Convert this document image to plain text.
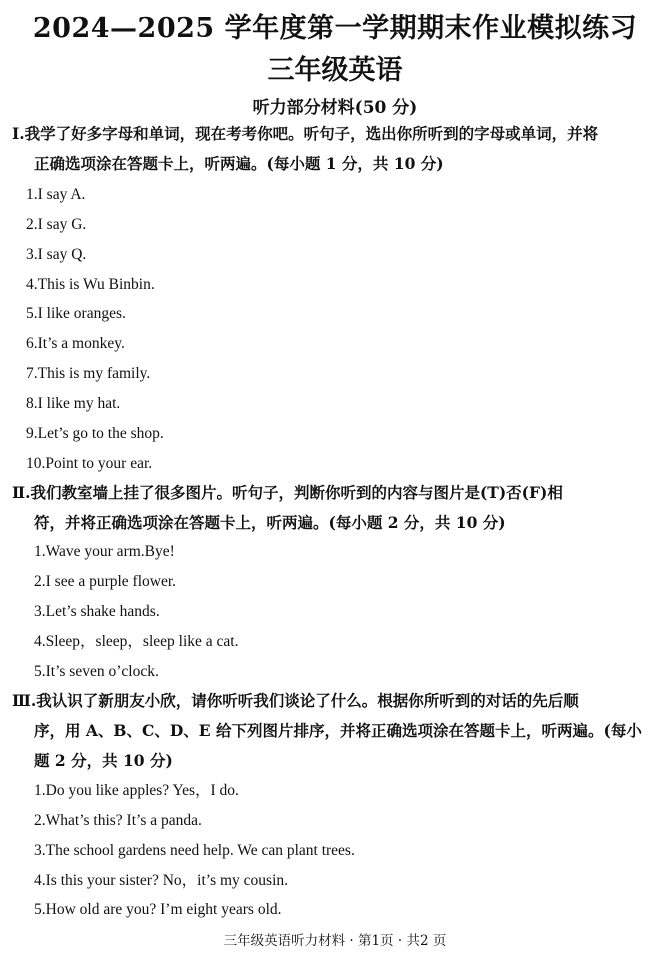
2024—2025 学年度第一学期期末作业模拟练习
三年级英语
听力部分材料(50 分)
Ⅰ.我学了好多字母和单词，现在考考你吧。听句子，选出你所听到的字母或单词，并将
正确选项涂在答题卡上，听两遍。(每小题 1 分，共 10 分)
1.I say A.
2.I say G.
3.I say Q.
4.This is Wu Binbin.
5.I like oranges.
6.It’s a monkey.
7.This is my family.
8.I like my hat.
9.Let’s go to the shop.
10.Point to your ear.
Ⅱ.我们教室墙上挂了很多图片。听句子，判断你听到的内容与图片是(T)否(F)相
符，并将正确选项涂在答题卡上，听两遍。(每小题 2 分，共 10 分)
1.Wave your arm.Bye!
2.I see a purple flower.
3.Let’s shake hands.
4.Sleep，sleep，sleep like a cat.
5.It’s seven o’clock.
Ⅲ.我认识了新朋友小欣，请你听听我们谈论了什么。根据你所听到的对话的先后顺
序，用 A、B、C、D、E 给下列图片排序，并将正确选项涂在答题卡上，听两遍。(每小
题 2 分，共 10 分)
1.Do you like apples? Yes，I do.
2.What’s this? It’s a panda.
3.The school gardens need help. We can plant trees.
4.Is this your sister? No，it’s my cousin.
5.How old are you? I’m eight years old.
三年级英语听力材料 · 第1页 · 共2 页
